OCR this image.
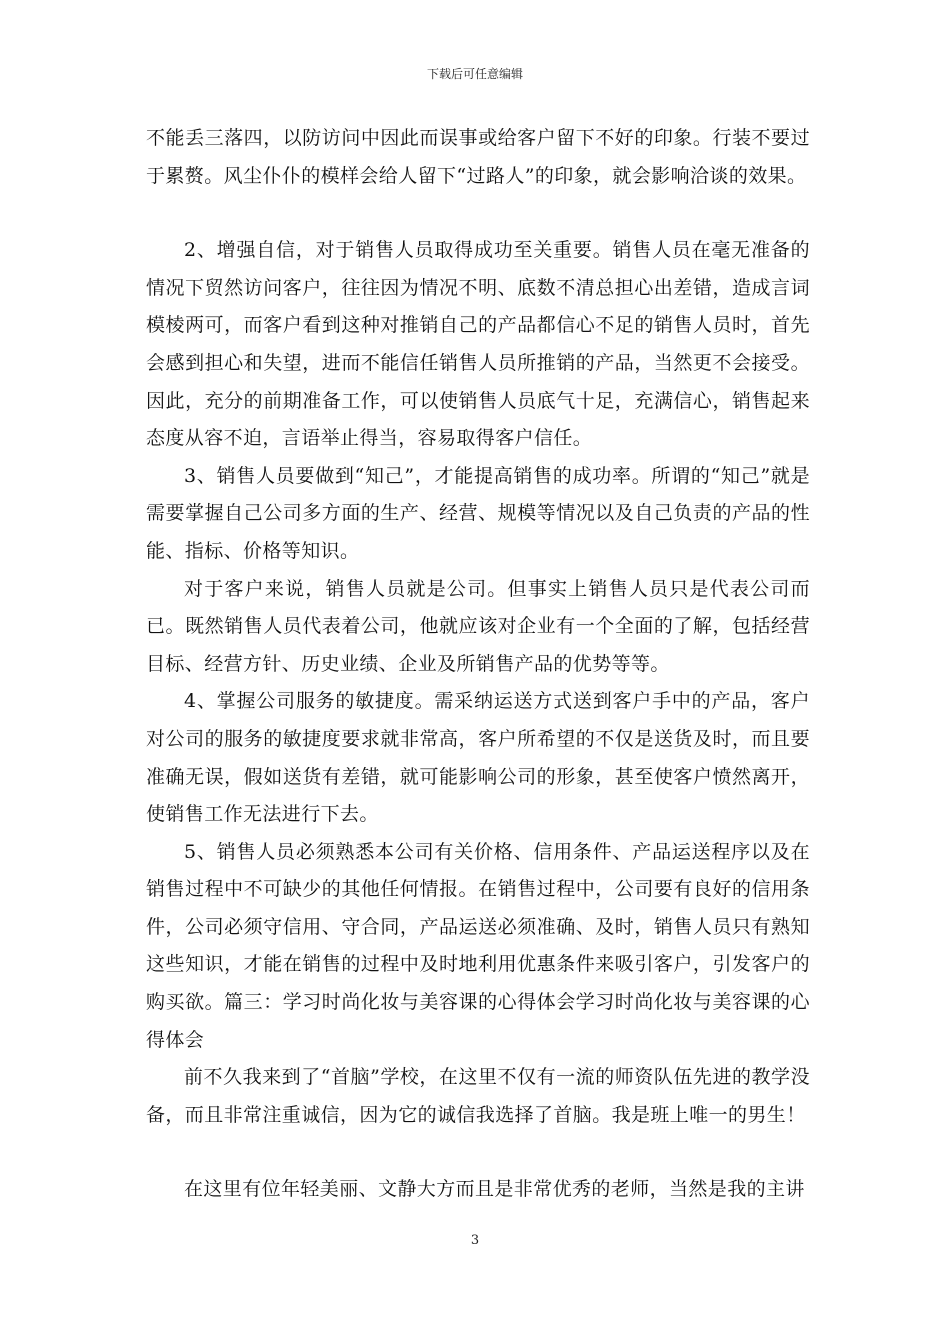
下载后可任意编辑

不能丢三落四，以防访问中因此而误事或给客户留下不好的印象。行装不要过于累赘。风尘仆仆的模样会给人留下“过路人”的印象，就会影响洽谈的效果。

2、增强自信，对于销售人员取得成功至关重要。销售人员在毫无准备的情况下贸然访问客户，往往因为情况不明、底数不清总担心出差错，造成言词模棱两可，而客户看到这种对推销自己的产品都信心不足的销售人员时，首先会感到担心和失望，进而不能信任销售人员所推销的产品，当然更不会接受。因此，充分的前期准备工作，可以使销售人员底气十足，充满信心，销售起来态度从容不迫，言语举止得当，容易取得客户信任。

3、销售人员要做到“知己”，才能提高销售的成功率。所谓的“知己”就是需要掌握自己公司多方面的生产、经营、规模等情况以及自己负责的产品的性能、指标、价格等知识。

对于客户来说，销售人员就是公司。但事实上销售人员只是代表公司而已。既然销售人员代表着公司，他就应该对企业有一个全面的了解，包括经营目标、经营方针、历史业绩、企业及所销售产品的优势等等。

4、掌握公司服务的敏捷度。需采纳运送方式送到客户手中的产品，客户对公司的服务的敏捷度要求就非常高，客户所希望的不仅是送货及时，而且要准确无误，假如送货有差错，就可能影响公司的形象，甚至使客户愤然离开，使销售工作无法进行下去。

5、销售人员必须熟悉本公司有关价格、信用条件、产品运送程序以及在销售过程中不可缺少的其他任何情报。在销售过程中，公司要有良好的信用条件，公司必须守信用、守合同，产品运送必须准确、及时，销售人员只有熟知这些知识，才能在销售的过程中及时地利用优惠条件来吸引客户，引发客户的购买欲。篇三：学习时尚化妆与美容课的心得体会学习时尚化妆与美容课的心得体会

前不久我来到了“首脑”学校，在这里不仅有一流的师资队伍先进的教学没备，而且非常注重诚信，因为它的诚信我选择了首脑。我是班上唯一的男生！

在这里有位年轻美丽、文静大方而且是非常优秀的老师，当然是我的主讲

3
